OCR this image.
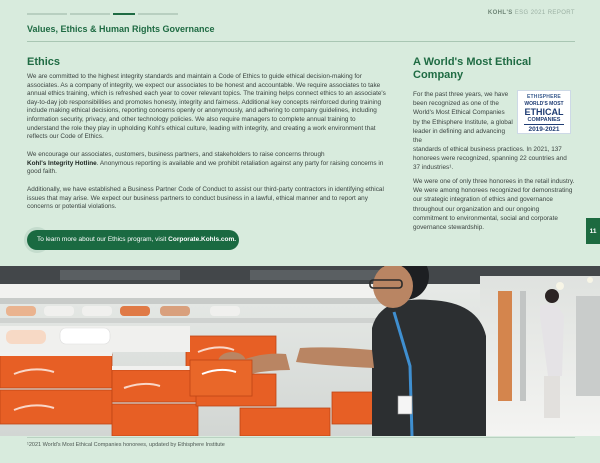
KOHL'S ESG 2021 REPORT
Values, Ethics & Human Rights Governance
Ethics

We are committed to the highest integrity standards and maintain a Code of Ethics to guide ethical decision-making for associates. As a company of integrity, we expect our associates to be honest and accountable. We require associates to take annual ethics training, which is refreshed each year to cover relevant topics. The training helps connect ethics to an associate's day-to-day job responsibilities and promotes honesty, integrity and fairness. Additional key concepts reinforced during training include making ethical decisions, reporting concerns openly or anonymously, and adhering to company guidelines, including information security, privacy, and other technology policies. We also require managers to complete annual training to understand the role they play in upholding Kohl's ethical culture, leading with integrity, and creating a work environment that reflects our Code of Ethics.

We encourage our associates, customers, business partners, and stakeholders to raise concerns through
Kohl's Integrity Hotline. Anonymous reporting is available and we prohibit retaliation against any party for raising concerns in good faith.

Additionally, we have established a Business Partner Code of Conduct to assist our third-party contractors in identifying ethical issues that may arise. We expect our business partners to conduct business in a lawful, ethical manner and to report any concerns or potential violations.

To learn more about our Ethics program, visit Corporate.Kohls.com.
A World's Most Ethical Company

For the past three years, we have been recognized as one of the World's Most Ethical Companies by the Ethisphere Institute, a global leader in defining and advancing the

standards of ethical business practices. In 2021, 137 honorees were recognized, spanning 22 countries and 37 industries¹.

We were one of only three honorees in the retail industry. We were among honorees recognized for demonstrating our strategic integration of ethics and governance throughout our organization and our ongoing commitment to environmental, social and corporate governance stewardship.

ETHISPHERE
WORLD'S MOST
ETHICAL
COMPANIES
2019-2021
11
¹2021 World's Most Ethical Companies honorees, updated by Ethisphere Institute
